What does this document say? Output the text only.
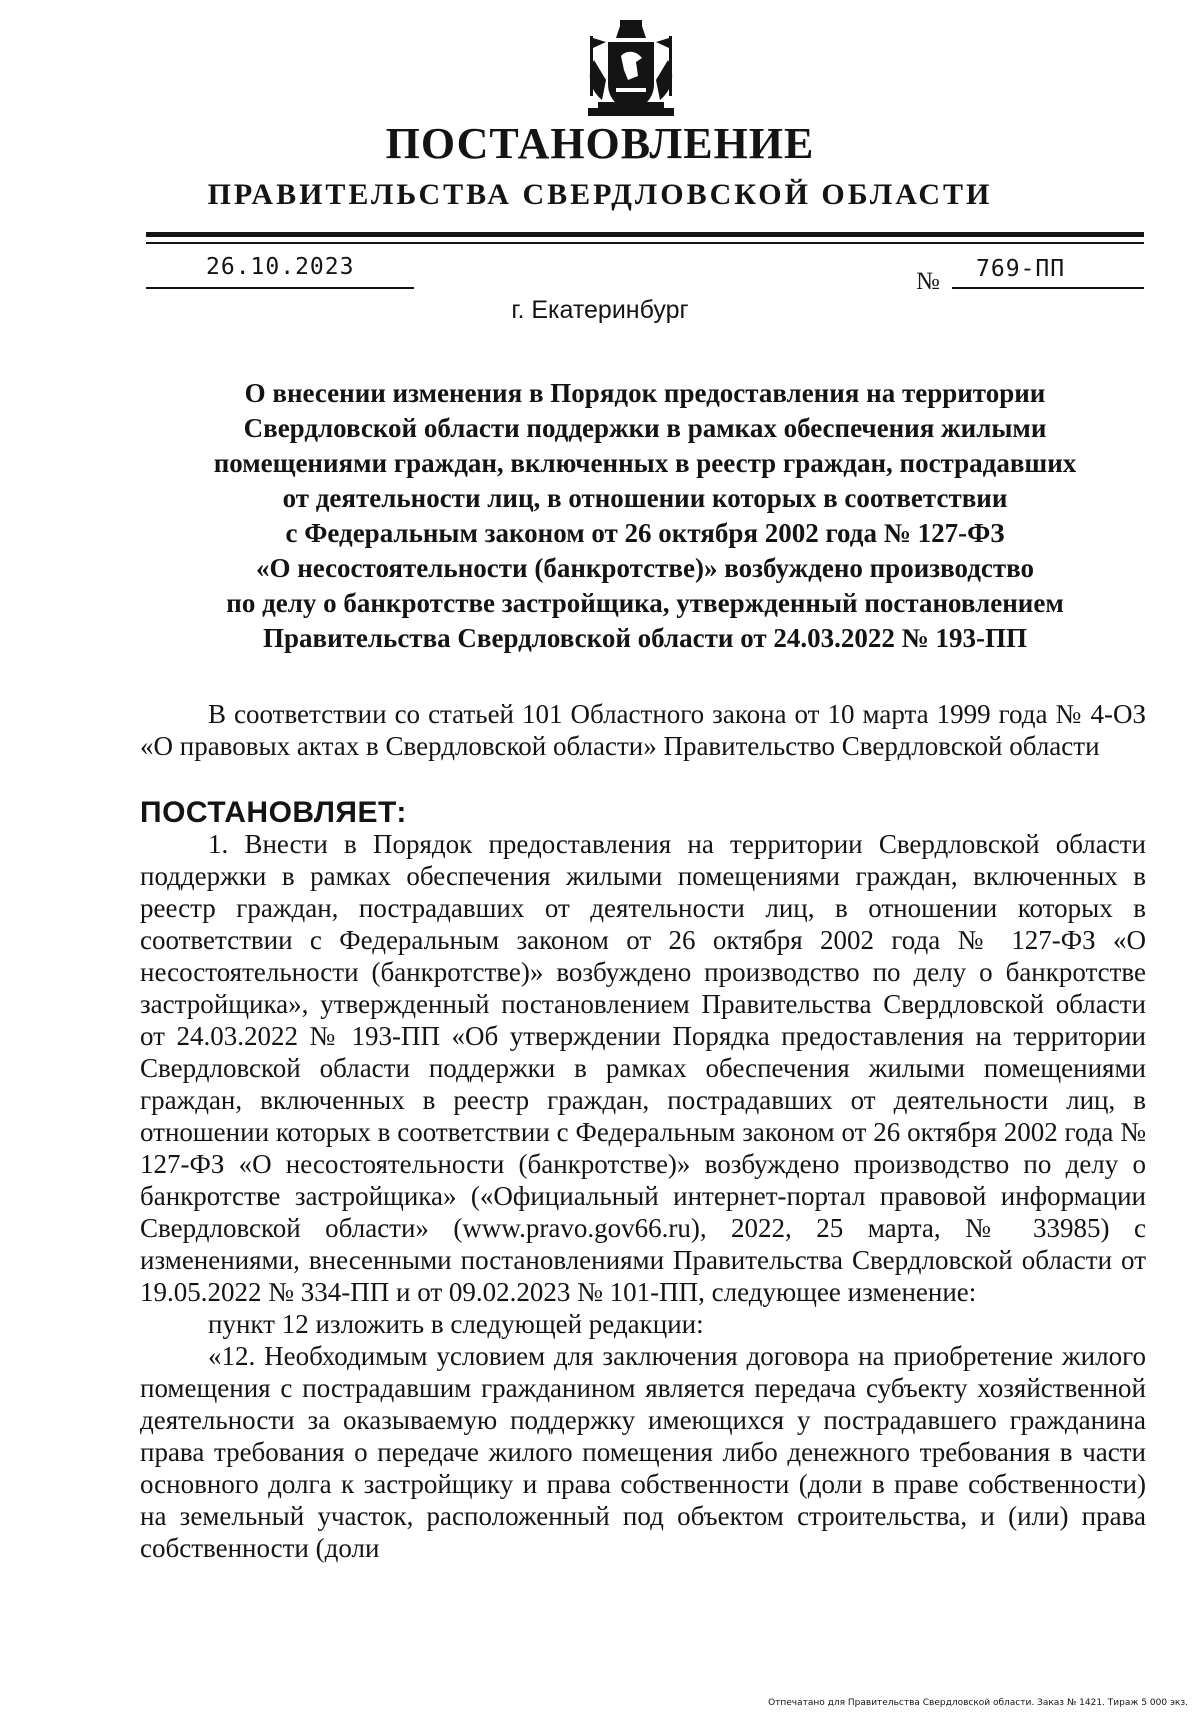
ПОСТАНОВЛЕНИЕ
ПРАВИТЕЛЬСТВА СВЕРДЛОВСКОЙ ОБЛАСТИ
26.10.2023
№ 769-ПП
г. Екатеринбург
О внесении изменения в Порядок предоставления на территории
Свердловской области поддержки в рамках обеспечения жилыми
помещениями граждан, включенных в реестр граждан, пострадавших
от деятельности лиц, в отношении которых в соответствии
с Федеральным законом от 26 октября 2002 года № 127-ФЗ
«О несостоятельности (банкротстве)» возбуждено производство
по делу о банкротстве застройщика, утвержденный постановлением
Правительства Свердловской области от 24.03.2022 № 193-ПП

В соответствии со статьей 101 Областного закона от 10 марта 1999 года № 4-ОЗ «О правовых актах в Свердловской области» Правительство Свердловской области

ПОСТАНОВЛЯЕТ:

1. Внести в Порядок предоставления на территории Свердловской области поддержки в рамках обеспечения жилыми помещениями граждан, включенных в реестр граждан, пострадавших от деятельности лиц, в отношении которых в соответствии с Федеральным законом от 26 октября 2002 года № 127-ФЗ «О несостоятельности (банкротстве)» возбуждено производство по делу о банкротстве застройщика», утвержденный постановлением Правительства Свердловской области от 24.03.2022 № 193-ПП «Об утверждении Порядка предоставления на территории Свердловской области поддержки в рамках обеспечения жилыми помещениями граждан, включенных в реестр граждан, пострадавших от деятельности лиц, в отношении которых в соответствии с Федеральным законом от 26 октября 2002 года № 127-ФЗ «О несостоятельности (банкротстве)» возбуждено производство по делу о банкротстве застройщика» («Официальный интернет-портал правовой информации Свердловской области» (www.pravo.gov66.ru), 2022, 25 марта, № 33985) с изменениями, внесенными постановлениями Правительства Свердловской области от 19.05.2022 № 334-ПП и от 09.02.2023 № 101-ПП, следующее изменение:

пункт 12 изложить в следующей редакции:

«12. Необходимым условием для заключения договора на приобретение жилого помещения с пострадавшим гражданином является передача субъекту хозяйственной деятельности за оказываемую поддержку имеющихся у пострадавшего гражданина права требования о передаче жилого помещения либо денежного требования в части основного долга к застройщику и права собственности (доли в праве собственности) на земельный участок, расположенный под объектом строительства, и (или) права собственности (доли

Отпечатано для Правительства Свердловской области. Заказ № 1421. Тираж 5 000 экз.
